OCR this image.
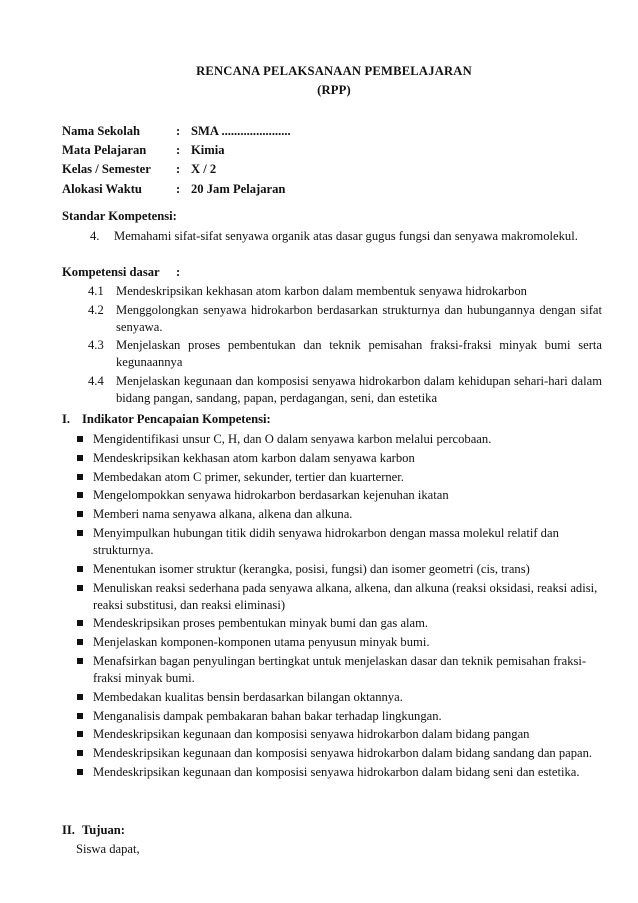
RENCANA PELAKSANAAN PEMBELAJARAN
(RPP)
Nama Sekolah	: SMA ......................
Mata Pelajaran	: Kimia
Kelas / Semester	: X / 2
Alokasi Waktu	: 20 Jam Pelajaran
Standar Kompetensi:
4.	Memahami sifat-sifat senyawa organik atas dasar gugus fungsi dan senyawa makromolekul.
Kompetensi dasar	:
4.1 Mendeskripsikan kekhasan atom karbon dalam membentuk senyawa hidrokarbon
4.2 Menggolongkan senyawa hidrokarbon berdasarkan strukturnya dan hubungannya dengan sifat senyawa.
4.3 Menjelaskan proses pembentukan dan teknik pemisahan fraksi-fraksi minyak bumi serta kegunaannya
4.4 Menjelaskan kegunaan dan komposisi senyawa hidrokarbon dalam kehidupan sehari-hari dalam bidang pangan, sandang, papan, perdagangan, seni, dan estetika
I. Indikator Pencapaian Kompetensi:
Mengidentifikasi unsur C, H, dan O dalam senyawa karbon melalui percobaan.
Mendeskripsikan kekhasan atom karbon dalam senyawa karbon
Membedakan atom C primer, sekunder, tertier dan kuarterner.
Mengelompokkan senyawa hidrokarbon berdasarkan kejenuhan ikatan
Memberi nama senyawa alkana, alkena dan alkuna.
Menyimpulkan hubungan titik didih senyawa hidrokarbon dengan massa molekul relatif dan strukturnya.
Menentukan isomer struktur (kerangka, posisi, fungsi) dan isomer geometri (cis, trans)
Menuliskan reaksi sederhana pada senyawa alkana, alkena, dan alkuna (reaksi oksidasi, reaksi adisi, reaksi substitusi, dan reaksi eliminasi)
Mendeskripsikan proses pembentukan minyak bumi dan gas alam.
Menjelaskan komponen-komponen utama penyusun minyak bumi.
Menafsirkan bagan penyulingan bertingkat untuk menjelaskan dasar dan teknik pemisahan fraksi-fraksi minyak bumi.
Membedakan kualitas bensin berdasarkan bilangan oktannya.
Menganalisis dampak pembakaran bahan bakar terhadap lingkungan.
Mendeskripsikan kegunaan dan komposisi senyawa hidrokarbon dalam bidang pangan
Mendeskripsikan kegunaan dan komposisi senyawa hidrokarbon dalam bidang sandang dan papan.
Mendeskripsikan kegunaan dan komposisi senyawa hidrokarbon dalam bidang seni dan estetika.
II. Tujuan:
Siswa dapat,
